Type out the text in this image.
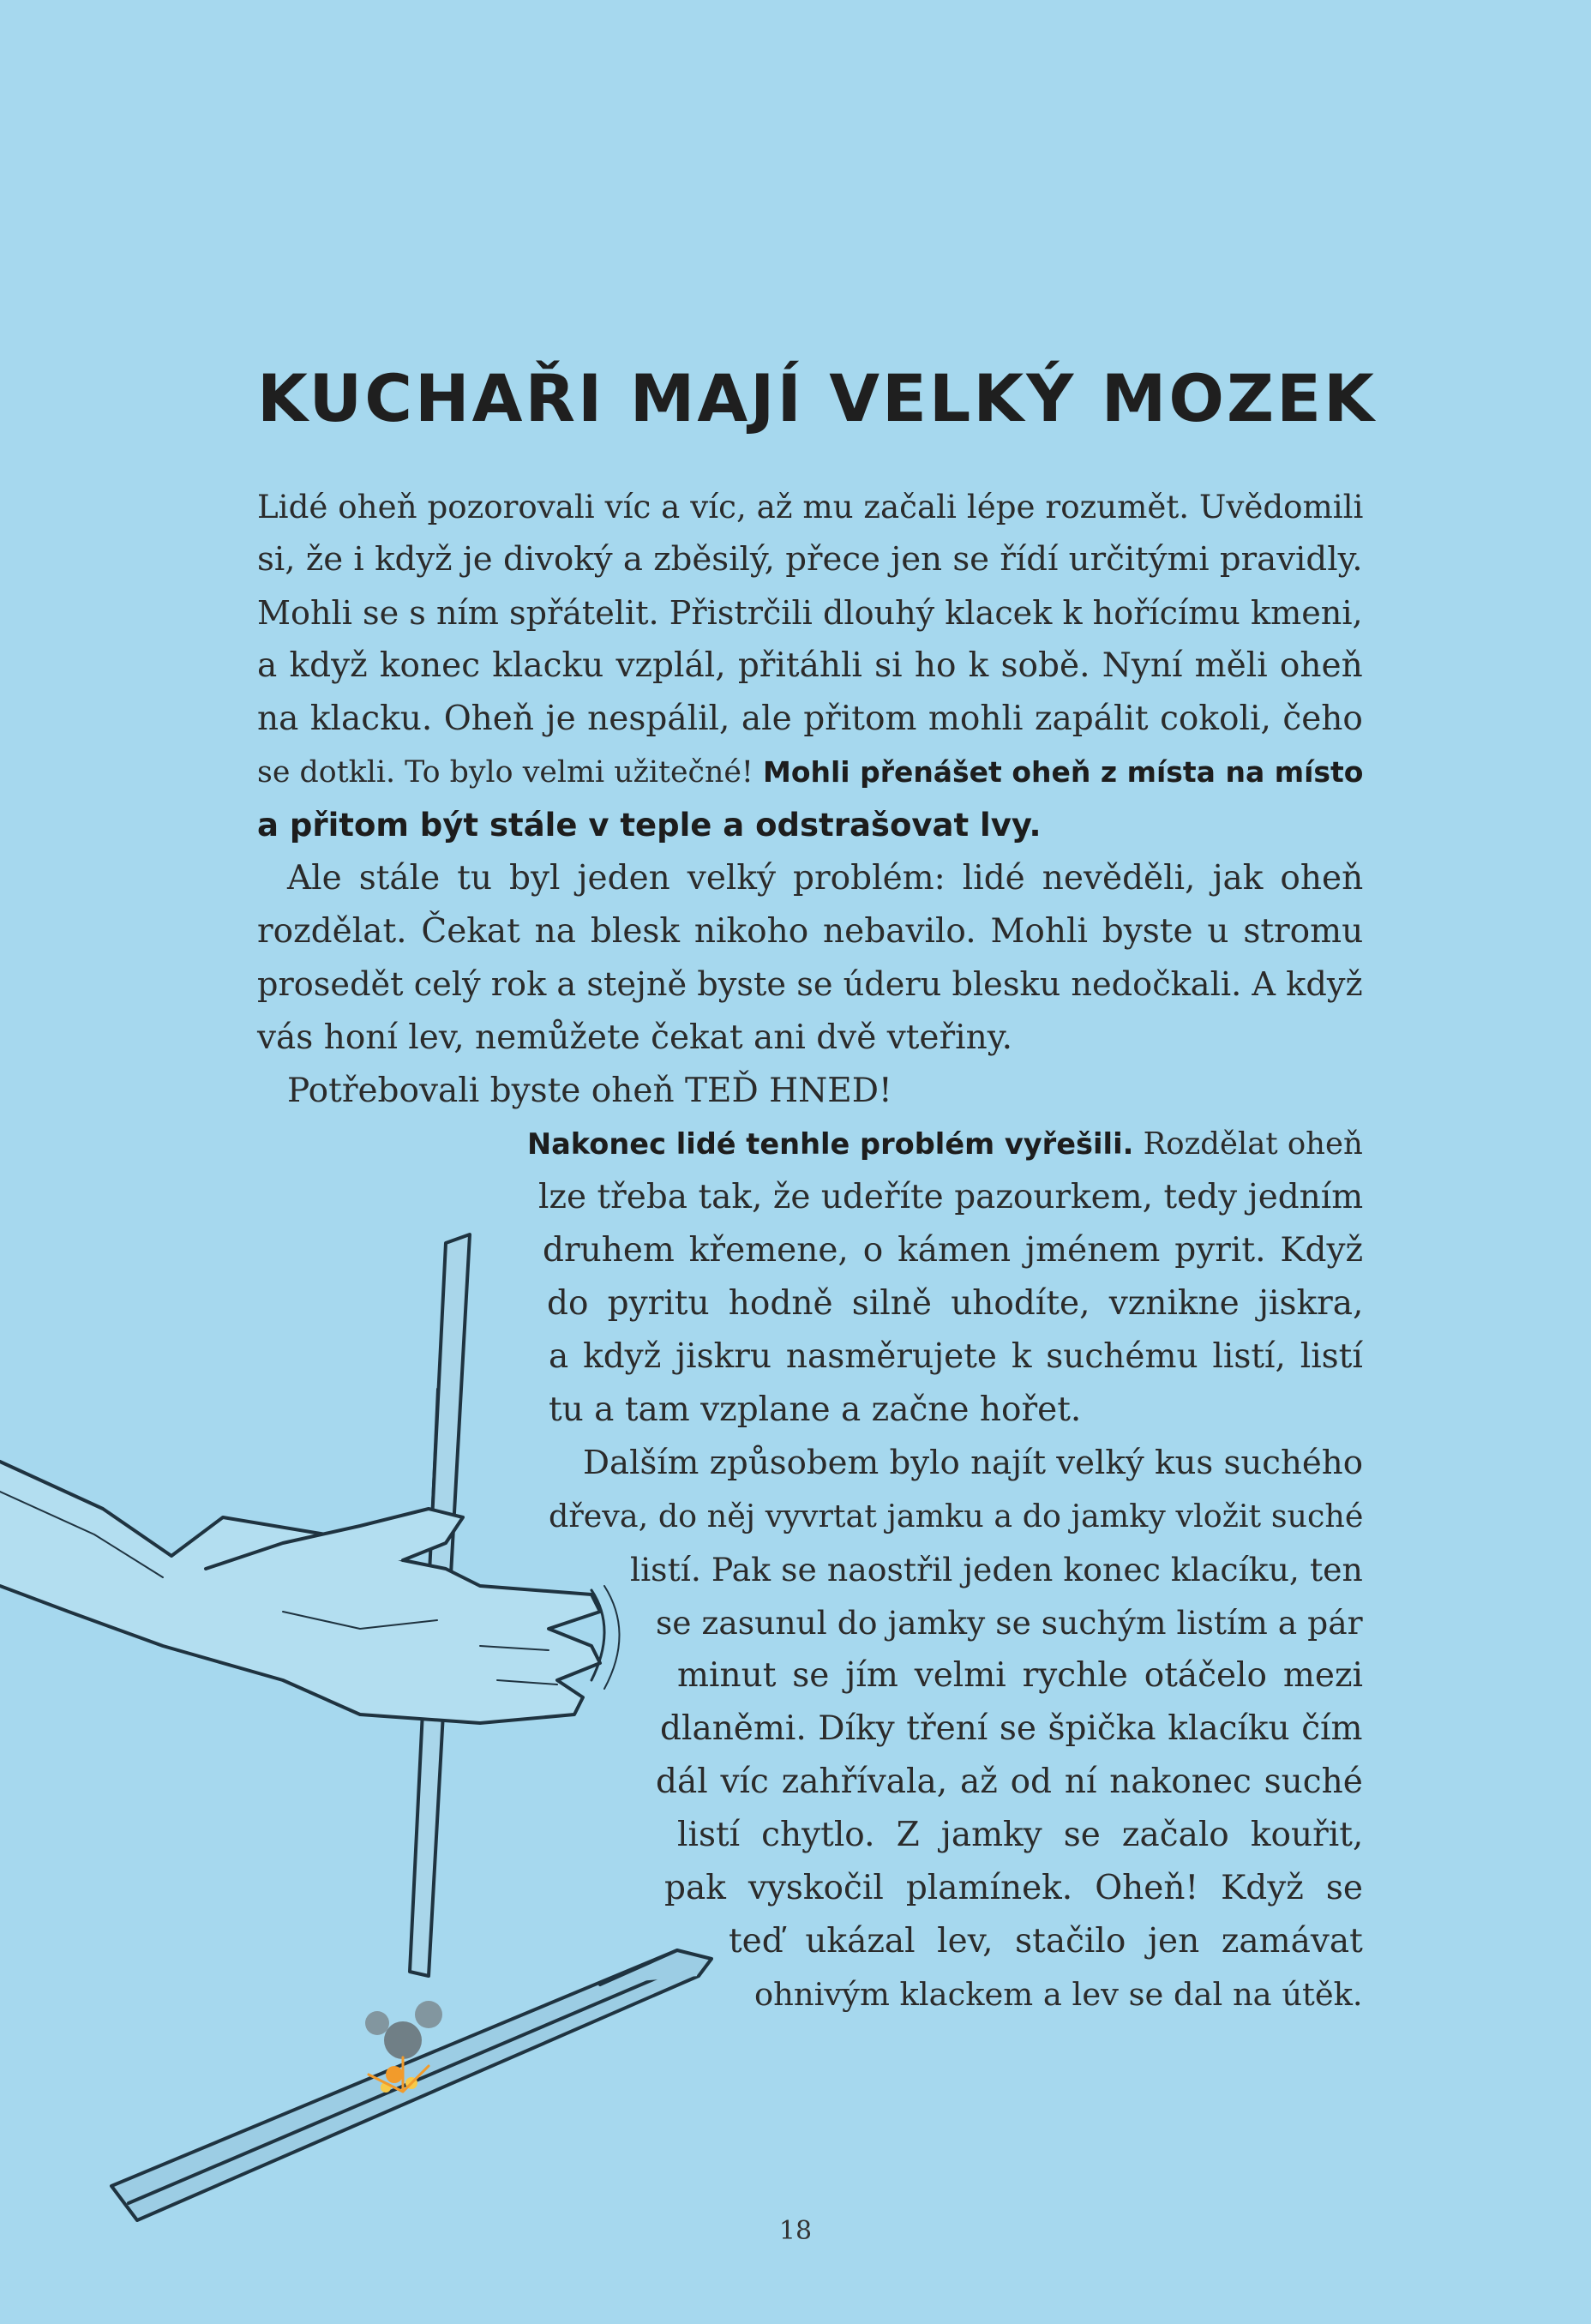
KUCHAŘI MAJÍ VELKÝ MOZEK
Lidé oheň pozorovali víc a víc, až mu začali lépe rozumět. Uvědomili
si, že i když je divoký a zběsilý, přece jen se řídí určitými pravidly.
Mohli se s ním spřátelit. Přistrčili dlouhý klacek k hořícímu kmeni,
a když konec klacku vzplál, přitáhli si ho k sobě. Nyní měli oheň
na klacku. Oheň je nespálil, ale přitom mohli zapálit cokoli, čeho
se dotkli. To bylo velmi užitečné! Mohli přenášet oheň z místa na místo
a přitom být stále v teple a odstrašovat lvy.
Ale stále tu byl jeden velký problém: lidé nevěděli, jak oheň
rozdělat. Čekat na blesk nikoho nebavilo. Mohli byste u stromu
prosedět celý rok a stejně byste se úderu blesku nedočkali. A když
vás honí lev, nemůžete čekat ani dvě vteřiny.
Potřebovali byste oheň TEĎ HNED!
Nakonec lidé tenhle problém vyřešili. Rozdělat oheň
lze třeba tak, že udeříte pazourkem, tedy jedním
druhem křemene, o kámen jménem pyrit. Když
do pyritu hodně silně uhodíte, vznikne jiskra,
a když jiskru nasměrujete k suchému listí, listí
tu a tam vzplane a začne hořet.
Dalším způsobem bylo najít velký kus suchého
dřeva, do něj vyvrtat jamku a do jamky vložit suché
listí. Pak se naostřil jeden konec klacíku, ten
se zasunul do jamky se suchým listím a pár
minut se jím velmi rychle otáčelo mezi
dlaněmi. Díky tření se špička klacíku čím
dál víc zahřívala, až od ní nakonec suché
listí chytlo. Z jamky se začalo kouřit,
pak vyskočil plamínek. Oheň! Když se
teď ukázal lev, stačilo jen zamávat
ohnivým klackem a lev se dal na útěk.
18
